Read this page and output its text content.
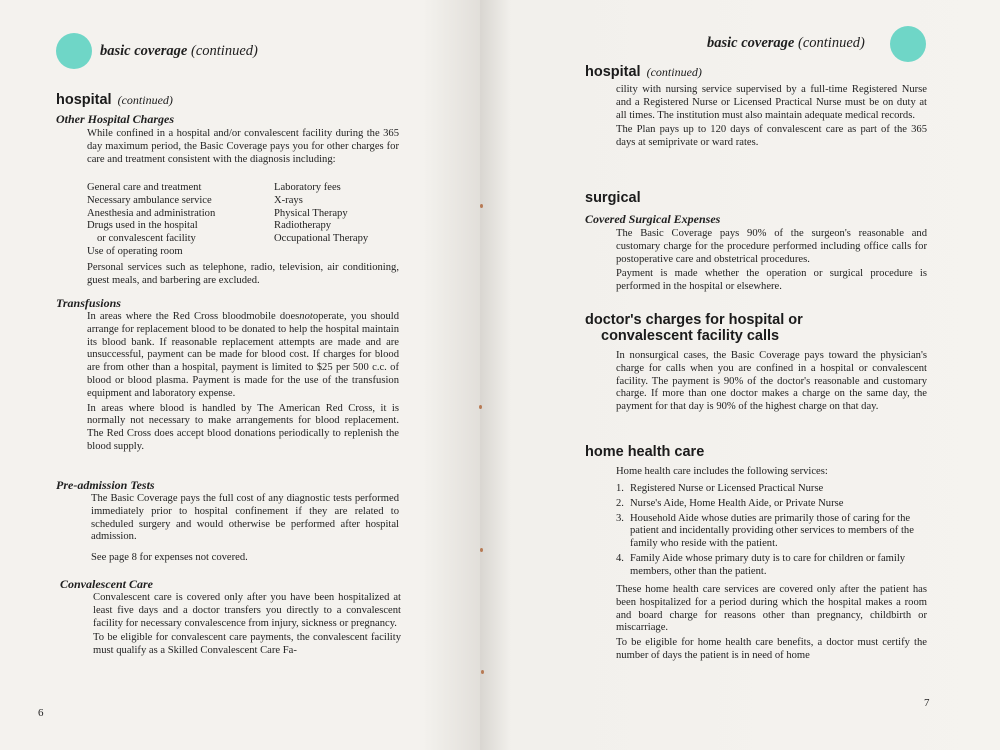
basic coverage (continued)
hospital (continued)
Other Hospital Charges

While confined in a hospital and/or convalescent facility during the 365 day maximum period, the Basic Coverage pays you for other charges for care and treatment consistent with the diagnosis including:

General care and treatment
Necessary ambulance service
Anesthesia and administration
Drugs used in the hospital
or convalescent facility
Use of operating room
Laboratory fees
X-rays
Physical Therapy
Radiotherapy
Occupational Therapy

Personal services such as telephone, radio, television, air conditioning, guest meals, and barbering are excluded.

Transfusions

In areas where the Red Cross bloodmobile doesnotoperate, you should arrange for replacement blood to be donated to help the hospital maintain its blood bank. If reasonable replacement attempts are made and are unsuccessful, payment can be made for blood cost. If charges for blood are from other than a hospital, payment is limited to $25 per 500 c.c. of blood or blood plasma. Payment is made for the use of the transfusion equipment and laboratory expense.

In areas where blood is handled by The American Red Cross, it is normally not necessary to make arrangements for blood replacement. The Red Cross does accept blood donations periodically to replenish the blood supply.

Pre-admission Tests

The Basic Coverage pays the full cost of any diagnostic tests performed immediately prior to hospital confinement if they are related to scheduled surgery and would otherwise be performed after hospital admission.

See page 8 for expenses not covered.

Convalescent Care

Convalescent care is covered only after you have been hospitalized at least five days and a doctor transfers you directly to a convalescent facility for necessary convalescence from injury, sickness or pregnancy.

To be eligible for convalescent care payments, the convalescent facility must qualify as a Skilled Convalescent Care Fa-

6
basic coverage (continued)
hospital (continued)

cility with nursing service supervised by a full-time Registered Nurse and a Registered Nurse or Licensed Practical Nurse must be on duty at all times. The institution must also maintain adequate medical records.

The Plan pays up to 120 days of convalescent care as part of the 365 days at semiprivate or ward rates.

surgical
Covered Surgical Expenses

The Basic Coverage pays 90% of the surgeon's reasonable and customary charge for the procedure performed including office calls for postoperative care and obstetrical procedures.

Payment is made whether the operation or surgical procedure is performed in the hospital or elsewhere.

doctor's charges for hospital or
convalescent facility calls

In nonsurgical cases, the Basic Coverage pays toward the physician's charge for calls when you are confined in a hospital or convalescent facility. The payment is 90% of the doctor's reasonable and customary charge. If more than one doctor makes a charge on the same day, the payment for that day is 90% of the highest charge on that day.

home health care

Home health care includes the following services:

1. Registered Nurse or Licensed Practical Nurse
2. Nurse's Aide, Home Health Aide, or Private Nurse
3. Household Aide whose duties are primarily those of caring for the patient and incidentally providing other services to members of the family who reside with the patient.
4. Family Aide whose primary duty is to care for children or family members, other than the patient.

These home health care services are covered only after the patient has been hospitalized for a period during which the hospital makes a room and board charge for reasons other than pregnancy, childbirth or miscarriage.

To be eligible for home health care benefits, a doctor must certify the number of days the patient is in need of home

7
